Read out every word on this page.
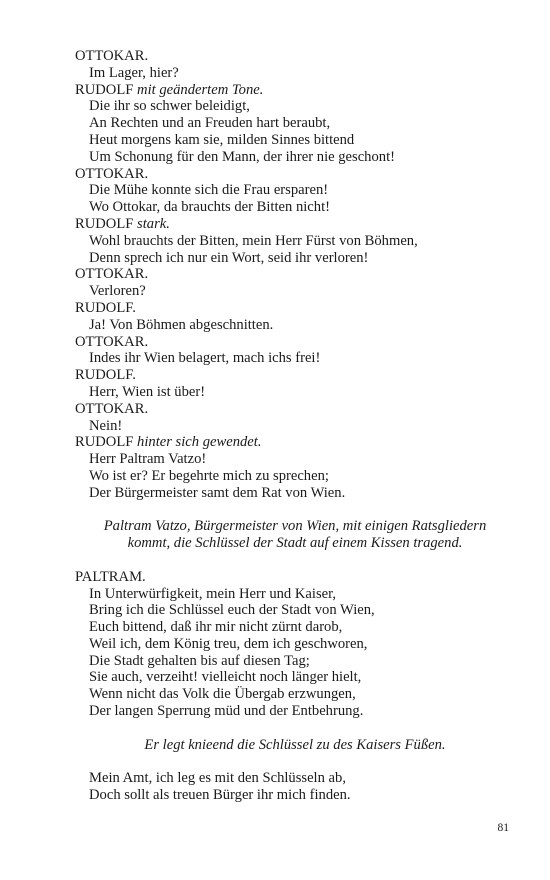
OTTOKAR.
Im Lager, hier?
RUDOLF mit geändertem Tone.
Die ihr so schwer beleidigt,
An Rechten und an Freuden hart beraubt,
Heut morgens kam sie, milden Sinnes bittend
Um Schonung für den Mann, der ihrer nie geschont!
OTTOKAR.
Die Mühe konnte sich die Frau ersparen!
Wo Ottokar, da brauchts der Bitten nicht!
RUDOLF stark.
Wohl brauchts der Bitten, mein Herr Fürst von Böhmen,
Denn sprech ich nur ein Wort, seid ihr verloren!
OTTOKAR.
Verloren?
RUDOLF.
Ja! Von Böhmen abgeschnitten.
OTTOKAR.
Indes ihr Wien belagert, mach ichs frei!
RUDOLF.
Herr, Wien ist über!
OTTOKAR.
Nein!
RUDOLF hinter sich gewendet.
Herr Paltram Vatzo!
Wo ist er? Er begehrte mich zu sprechen;
Der Bürgermeister samt dem Rat von Wien.
Paltram Vatzo, Bürgermeister von Wien, mit einigen Ratsgliedern
kommt, die Schlüssel der Stadt auf einem Kissen tragend.
PALTRAM.
In Unterwürfigkeit, mein Herr und Kaiser,
Bring ich die Schlüssel euch der Stadt von Wien,
Euch bittend, daß ihr mir nicht zürnt darob,
Weil ich, dem König treu, dem ich geschworen,
Die Stadt gehalten bis auf diesen Tag;
Sie auch, verzeiht! vielleicht noch länger hielt,
Wenn nicht das Volk die Übergab erzwungen,
Der langen Sperrung müd und der Entbehrung.
Er legt knieend die Schlüssel zu des Kaisers Füßen.
Mein Amt, ich leg es mit den Schlüsseln ab,
Doch sollt als treuen Bürger ihr mich finden.
81
